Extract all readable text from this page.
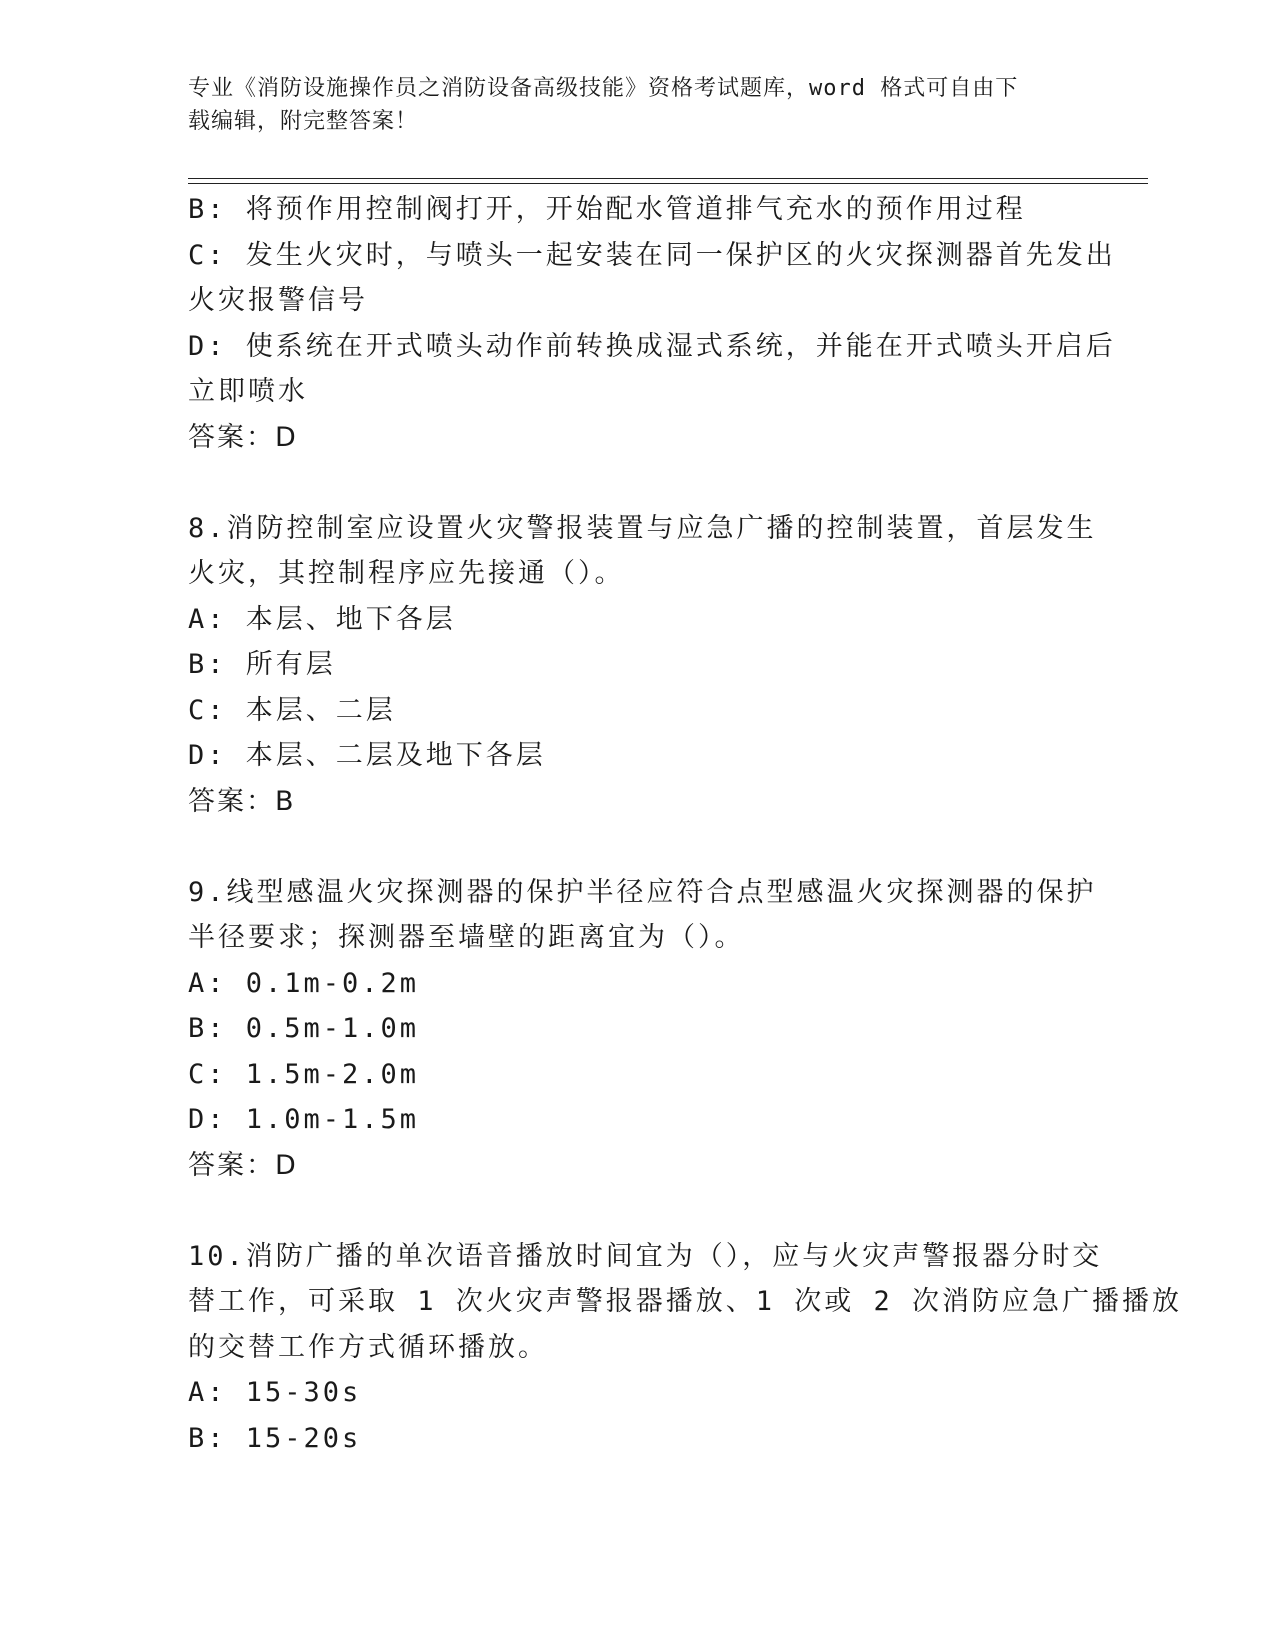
专业《消防设施操作员之消防设备高级技能》资格考试题库，word 格式可自由下
载编辑，附完整答案！

B: 将预作用控制阀打开，开始配水管道排气充水的预作用过程

C: 发生火灾时，与喷头一起安装在同一保护区的火灾探测器首先发出

火灾报警信号

D: 使系统在开式喷头动作前转换成湿式系统，并能在开式喷头开启后

立即喷水

答案：D

8.消防控制室应设置火灾警报装置与应急广播的控制装置，首层发生

火灾，其控制程序应先接通（）。

A: 本层、地下各层

B: 所有层

C: 本层、二层

D: 本层、二层及地下各层

答案：B

9.线型感温火灾探测器的保护半径应符合点型感温火灾探测器的保护

半径要求；探测器至墙壁的距离宜为（）。

A: 0.1m-0.2m

B: 0.5m-1.0m

C: 1.5m-2.0m

D: 1.0m-1.5m

答案：D

10.消防广播的单次语音播放时间宜为（），应与火灾声警报器分时交

替工作，可采取 1 次火灾声警报器播放、1 次或 2 次消防应急广播播放

的交替工作方式循环播放。

A: 15-30s

B: 15-20s
